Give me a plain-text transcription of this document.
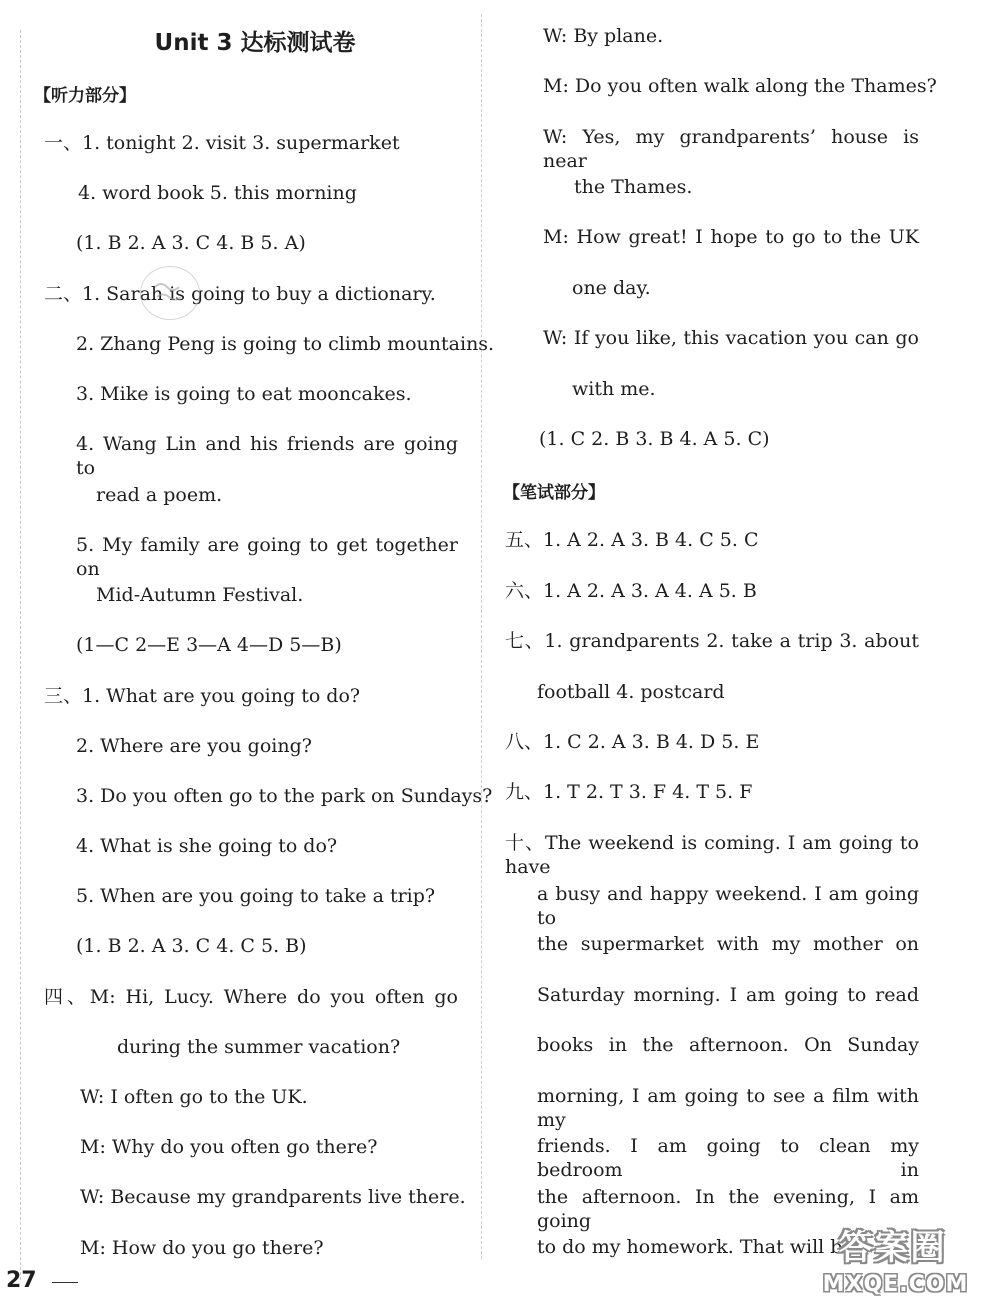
Unit 3 达标测试卷
【听力部分】
一、1. tonight 2. visit 3. supermarket
4. word book 5. this morning
(1. B 2. A 3. C 4. B 5. A)
二、1. Sarah is going to buy a dictionary.
2. Zhang Peng is going to climb mountains.
3. Mike is going to eat mooncakes.
4. Wang Lin and his friends are going to
read a poem.
5. My family are going to get together on
Mid-Autumn Festival.
(1—C 2—E 3—A 4—D 5—B)
三、1. What are you going to do?
2. Where are you going?
3. Do you often go to the park on Sundays?
4. What is she going to do?
5. When are you going to take a trip?
(1. B 2. A 3. C 4. C 5. B)
四、M: Hi, Lucy. Where do you often go
during the summer vacation?
W: I often go to the UK.
M: Why do you often go there?
W: Because my grandparents live there.
M: How do you go there?
W: By plane.
M: Do you often walk along the Thames?
W: Yes, my grandparents’ house is near
the Thames.
M: How great! I hope to go to the UK
one day.
W: If you like, this vacation you can go
with me.
(1. C 2. B 3. B 4. A 5. C)
【笔试部分】
五、1. A 2. A 3. B 4. C 5. C
六、1. A 2. A 3. A 4. A 5. B
七、1. grandparents 2. take a trip 3. about
football 4. postcard
八、1. C 2. A 3. B 4. D 5. E
九、1. T 2. T 3. F 4. T 5. F
十、The weekend is coming. I am going to have
a busy and happy weekend. I am going to
the supermarket with my mother on
Saturday morning. I am going to read
books in the afternoon. On Sunday
morning, I am going to see a film with my
friends. I am going to clean my bedroom in
the afternoon. In the evening, I am going
to do my homework. That will b
27
答案圈
MXQE.COM
